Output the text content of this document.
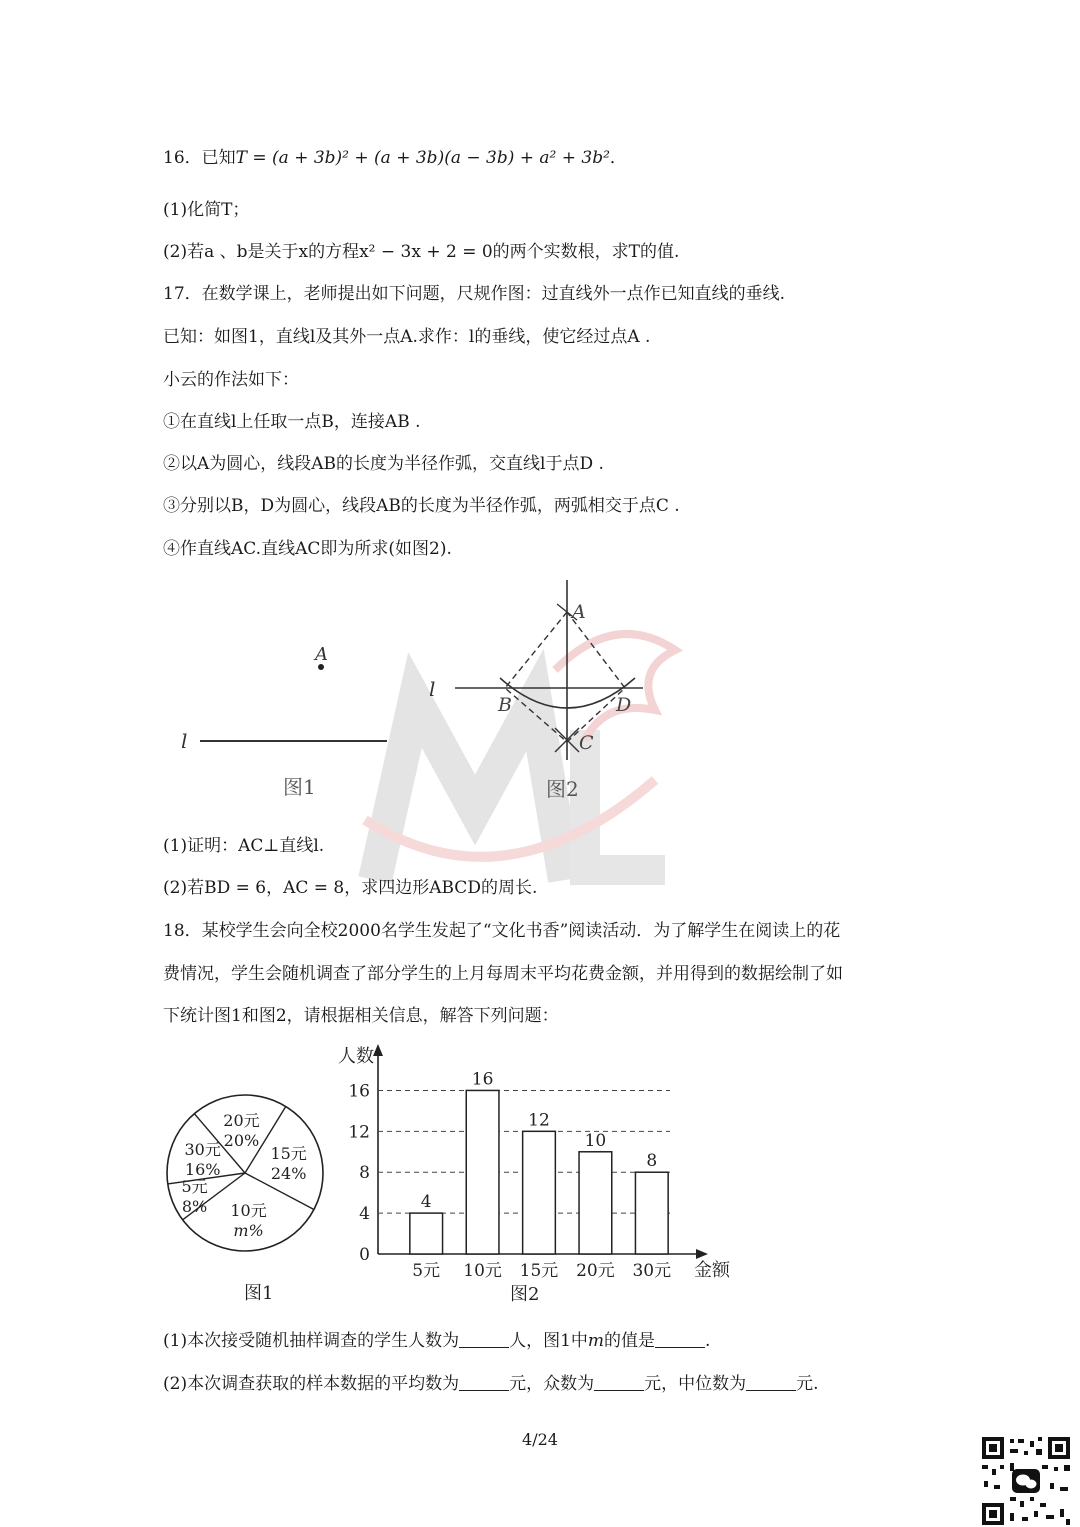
16．已知T = (a + 3b)² + (a + 3b)(a − 3b) + a² + 3b²．
(1)化简T；
(2)若a 、b是关于x的方程x² − 3x + 2 = 0的两个实数根，求T的值.
17．在数学课上，老师提出如下问题，尺规作图：过直线外一点作已知直线的垂线.
已知：如图1，直线l及其外一点A.求作：l的垂线，使它经过点A .
小云的作法如下：
①在直线l上任取一点B，连接AB .
②以A为圆心，线段AB的长度为半径作弧，交直线l于点D .
③分别以B，D为圆心，线段AB的长度为半径作弧，两弧相交于点C .
④作直线AC.直线AC即为所求(如图2).
A
l
图1
A
B
C
D
l
图2
(1)证明：AC⊥直线l.
(2)若BD = 6，AC = 8，求四边形ABCD的周长.
18．某校学生会向全校2000名学生发起了“文化书香”阅读活动．为了解学生在阅读上的花
费情况，学生会随机调查了部分学生的上月每周末平均花费金额，并用得到的数据绘制了如
下统计图1和图2，请根据相关信息，解答下列问题：
15元
24%
10元
m%
5元
8%
30元
16%
20元
20%
图1
人数
金额
0
4
8
12
16
4
5元
16
10元
12
15元
10
20元
8
30元
图2
(1)本次接受随机抽样调查的学生人数为	人，图1中m的值是	.
(2)本次调查获取的样本数据的平均数为	元，众数为	元，中位数为	元.
4/24
